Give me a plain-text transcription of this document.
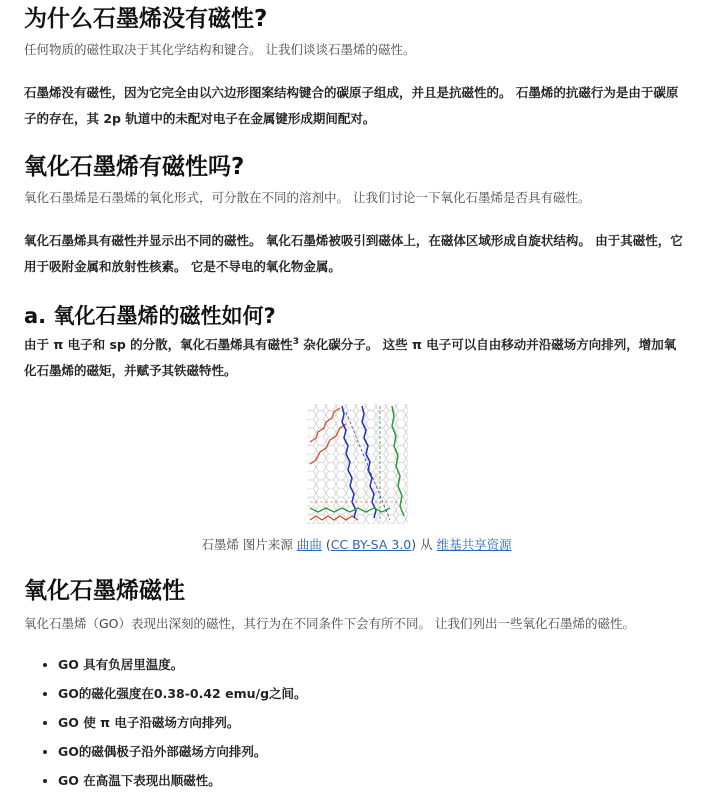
为什么石墨烯没有磁性?

任何物质的磁性取决于其化学结构和键合。 让我们谈谈石墨烯的磁性。

石墨烯没有磁性，因为它完全由以六边形图案结构键合的碳原子组成，并且是抗磁性的。 石墨烯的抗磁行为是由于碳原子的存在，其 2p 轨道中的未配对电子在金属键形成期间配对。

氧化石墨烯有磁性吗?

氧化石墨烯是石墨烯的氧化形式，可分散在不同的溶剂中。 让我们讨论一下氧化石墨烯是否具有磁性。

氧化石墨烯具有磁性并显示出不同的磁性。 氧化石墨烯被吸引到磁体上，在磁体区域形成自旋状结构。 由于其磁性，它用于吸附金属和放射性核素。 它是不导电的氧化物金属。

a. 氧化石墨烯的磁性如何?

由于 π 电子和 sp 的分散，氧化石墨烯具有磁性$^3$ 杂化碳分子。 这些 π 电子可以自由移动并沿磁场方向排列，增加氧化石墨烯的磁矩，并赋予其铁磁特性。

石墨烯 图片来源 曲曲 (CC BY-SA 3.0) 从 维基共享资源
氧化石墨烯磁性

氧化石墨烯（GO）表现出深刻的磁性，其行为在不同条件下会有所不同。 让我们列出一些氧化石墨烯的磁性。

• GO 具有负居里温度。
• GO的磁化强度在0.38-0.42 emu/g之间。
• GO 使 π 电子沿磁场方向排列。
• GO的磁偶极子沿外部磁场方向排列。
• GO 在高温下表现出顺磁性。
